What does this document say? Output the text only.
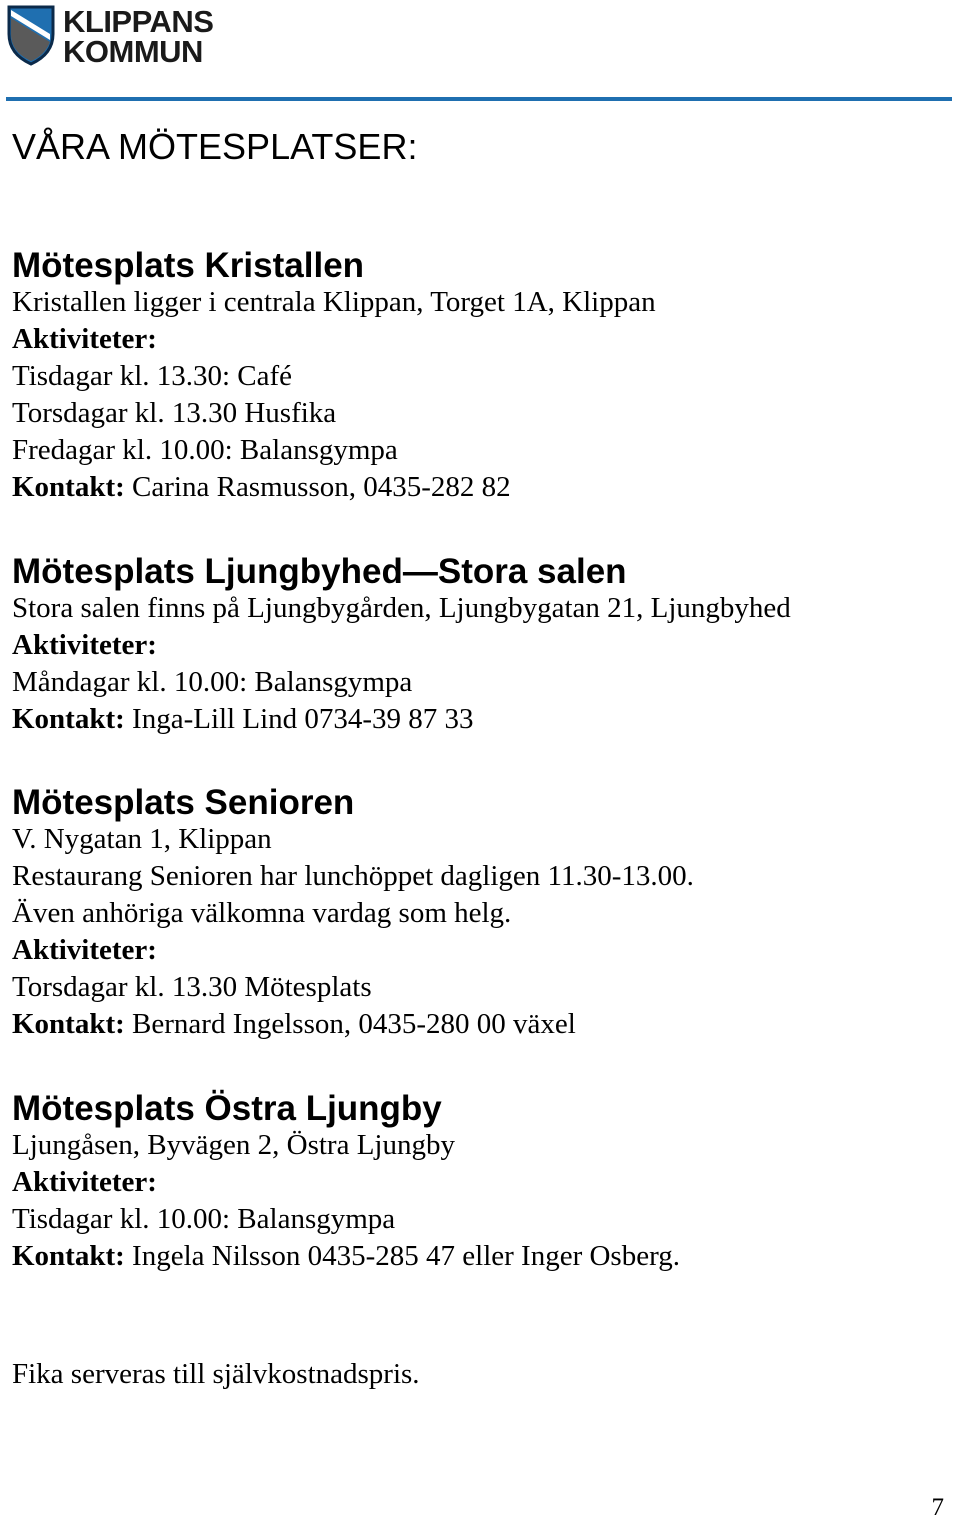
KLIPPANS
KOMMUN
VÅRA MÖTESPLATSER:
Mötesplats Kristallen
Kristallen ligger i centrala Klippan, Torget 1A, Klippan
Aktiviteter:
Tisdagar kl. 13.30: Café
Torsdagar kl. 13.30 Husfika
Fredagar kl. 10.00: Balansgympa
Kontakt: Carina Rasmusson, 0435-282 82
Mötesplats Ljungbyhed—Stora salen
Stora salen finns på Ljungbygården, Ljungbygatan 21, Ljungbyhed
Aktiviteter:
Måndagar kl. 10.00: Balansgympa
Kontakt: Inga-Lill Lind 0734-39 87 33
Mötesplats Senioren
V. Nygatan 1, Klippan
Restaurang Senioren har lunchöppet dagligen 11.30-13.00.
Även anhöriga välkomna vardag som helg.
Aktiviteter:
Torsdagar kl. 13.30 Mötesplats
Kontakt: Bernard Ingelsson, 0435-280 00 växel
Mötesplats Östra Ljungby
Ljungåsen, Byvägen 2, Östra Ljungby
Aktiviteter:
Tisdagar kl. 10.00: Balansgympa
Kontakt: Ingela Nilsson 0435-285 47 eller Inger Osberg.
Fika serveras till självkostnadspris.
7
